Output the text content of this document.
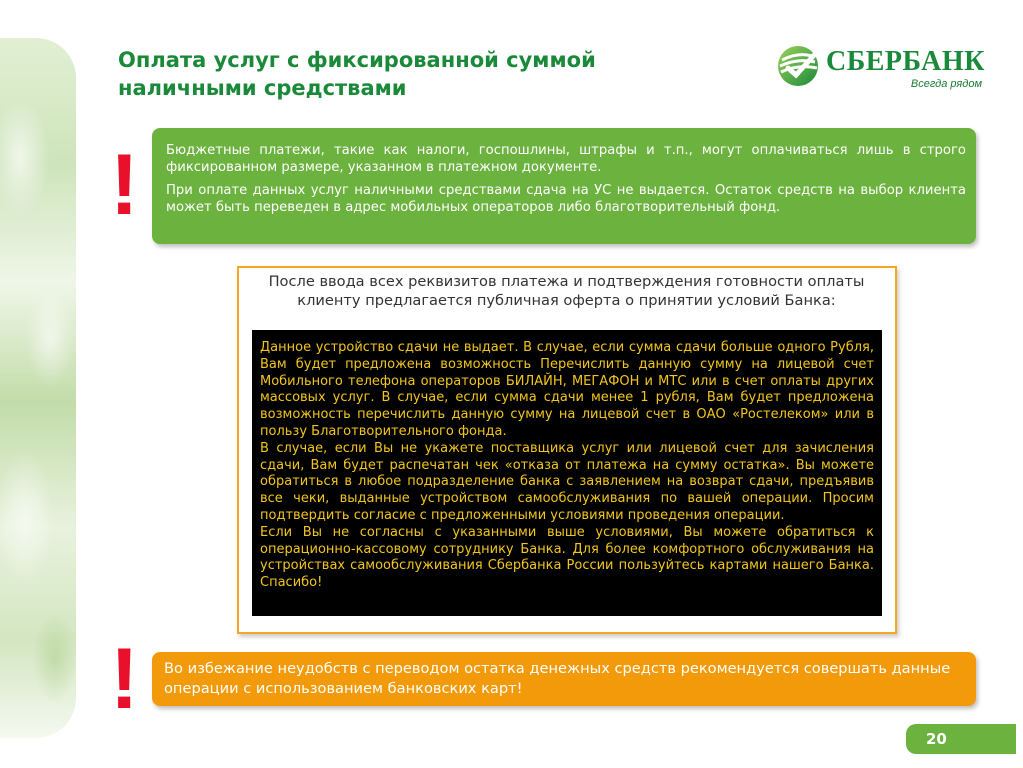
Оплата услуг с фиксированной суммой
наличными средствами
СБЕРБАНК
Всегда рядом
! Бюджетные платежи, такие как налоги, госпошлины, штрафы и т.п., могут оплачиваться лишь в строго фиксированном размере, указанном в платежном документе.

При оплате данных услуг наличными средствами сдача на УС не выдается. Остаток средств на выбор клиента может быть переведен в адрес мобильных операторов либо благотворительный фонд.

После ввода всех реквизитов платежа и подтверждения готовности оплаты клиенту предлагается публичная оферта о принятии условий Банка:

Данное устройство сдачи не выдает. В случае, если сумма сдачи больше одного Рубля, Вам будет предложена возможность Перечислить данную сумму на лицевой счет Мобильного телефона операторов БИЛАЙН, МЕГАФОН и МТС или в счет оплаты других массовых услуг. В случае, если сумма сдачи менее 1 рубля, Вам будет предложена возможность перечислить данную сумму на лицевой счет в ОАО «Ростелеком» или в пользу Благотворительного фонда.

В случае, если Вы не укажете поставщика услуг или лицевой счет для зачисления сдачи, Вам будет распечатан чек «отказа от платежа на сумму остатка». Вы можете обратиться в любое подразделение банка с заявлением на возврат сдачи, предъявив все чеки, выданные устройством самообслуживания по вашей операции. Просим подтвердить согласие с предложенными условиями проведения операции.

Если Вы не согласны с указанными выше условиями, Вы можете обратиться к операционно-кассовому сотруднику Банка. Для более комфортного обслуживания на устройствах самообслуживания Сбербанка России пользуйтесь картами нашего Банка. Спасибо!

!	Во избежание неудобств с переводом остатка денежных средств рекомендуется совершать данные операции с использованием банковских карт!
20
